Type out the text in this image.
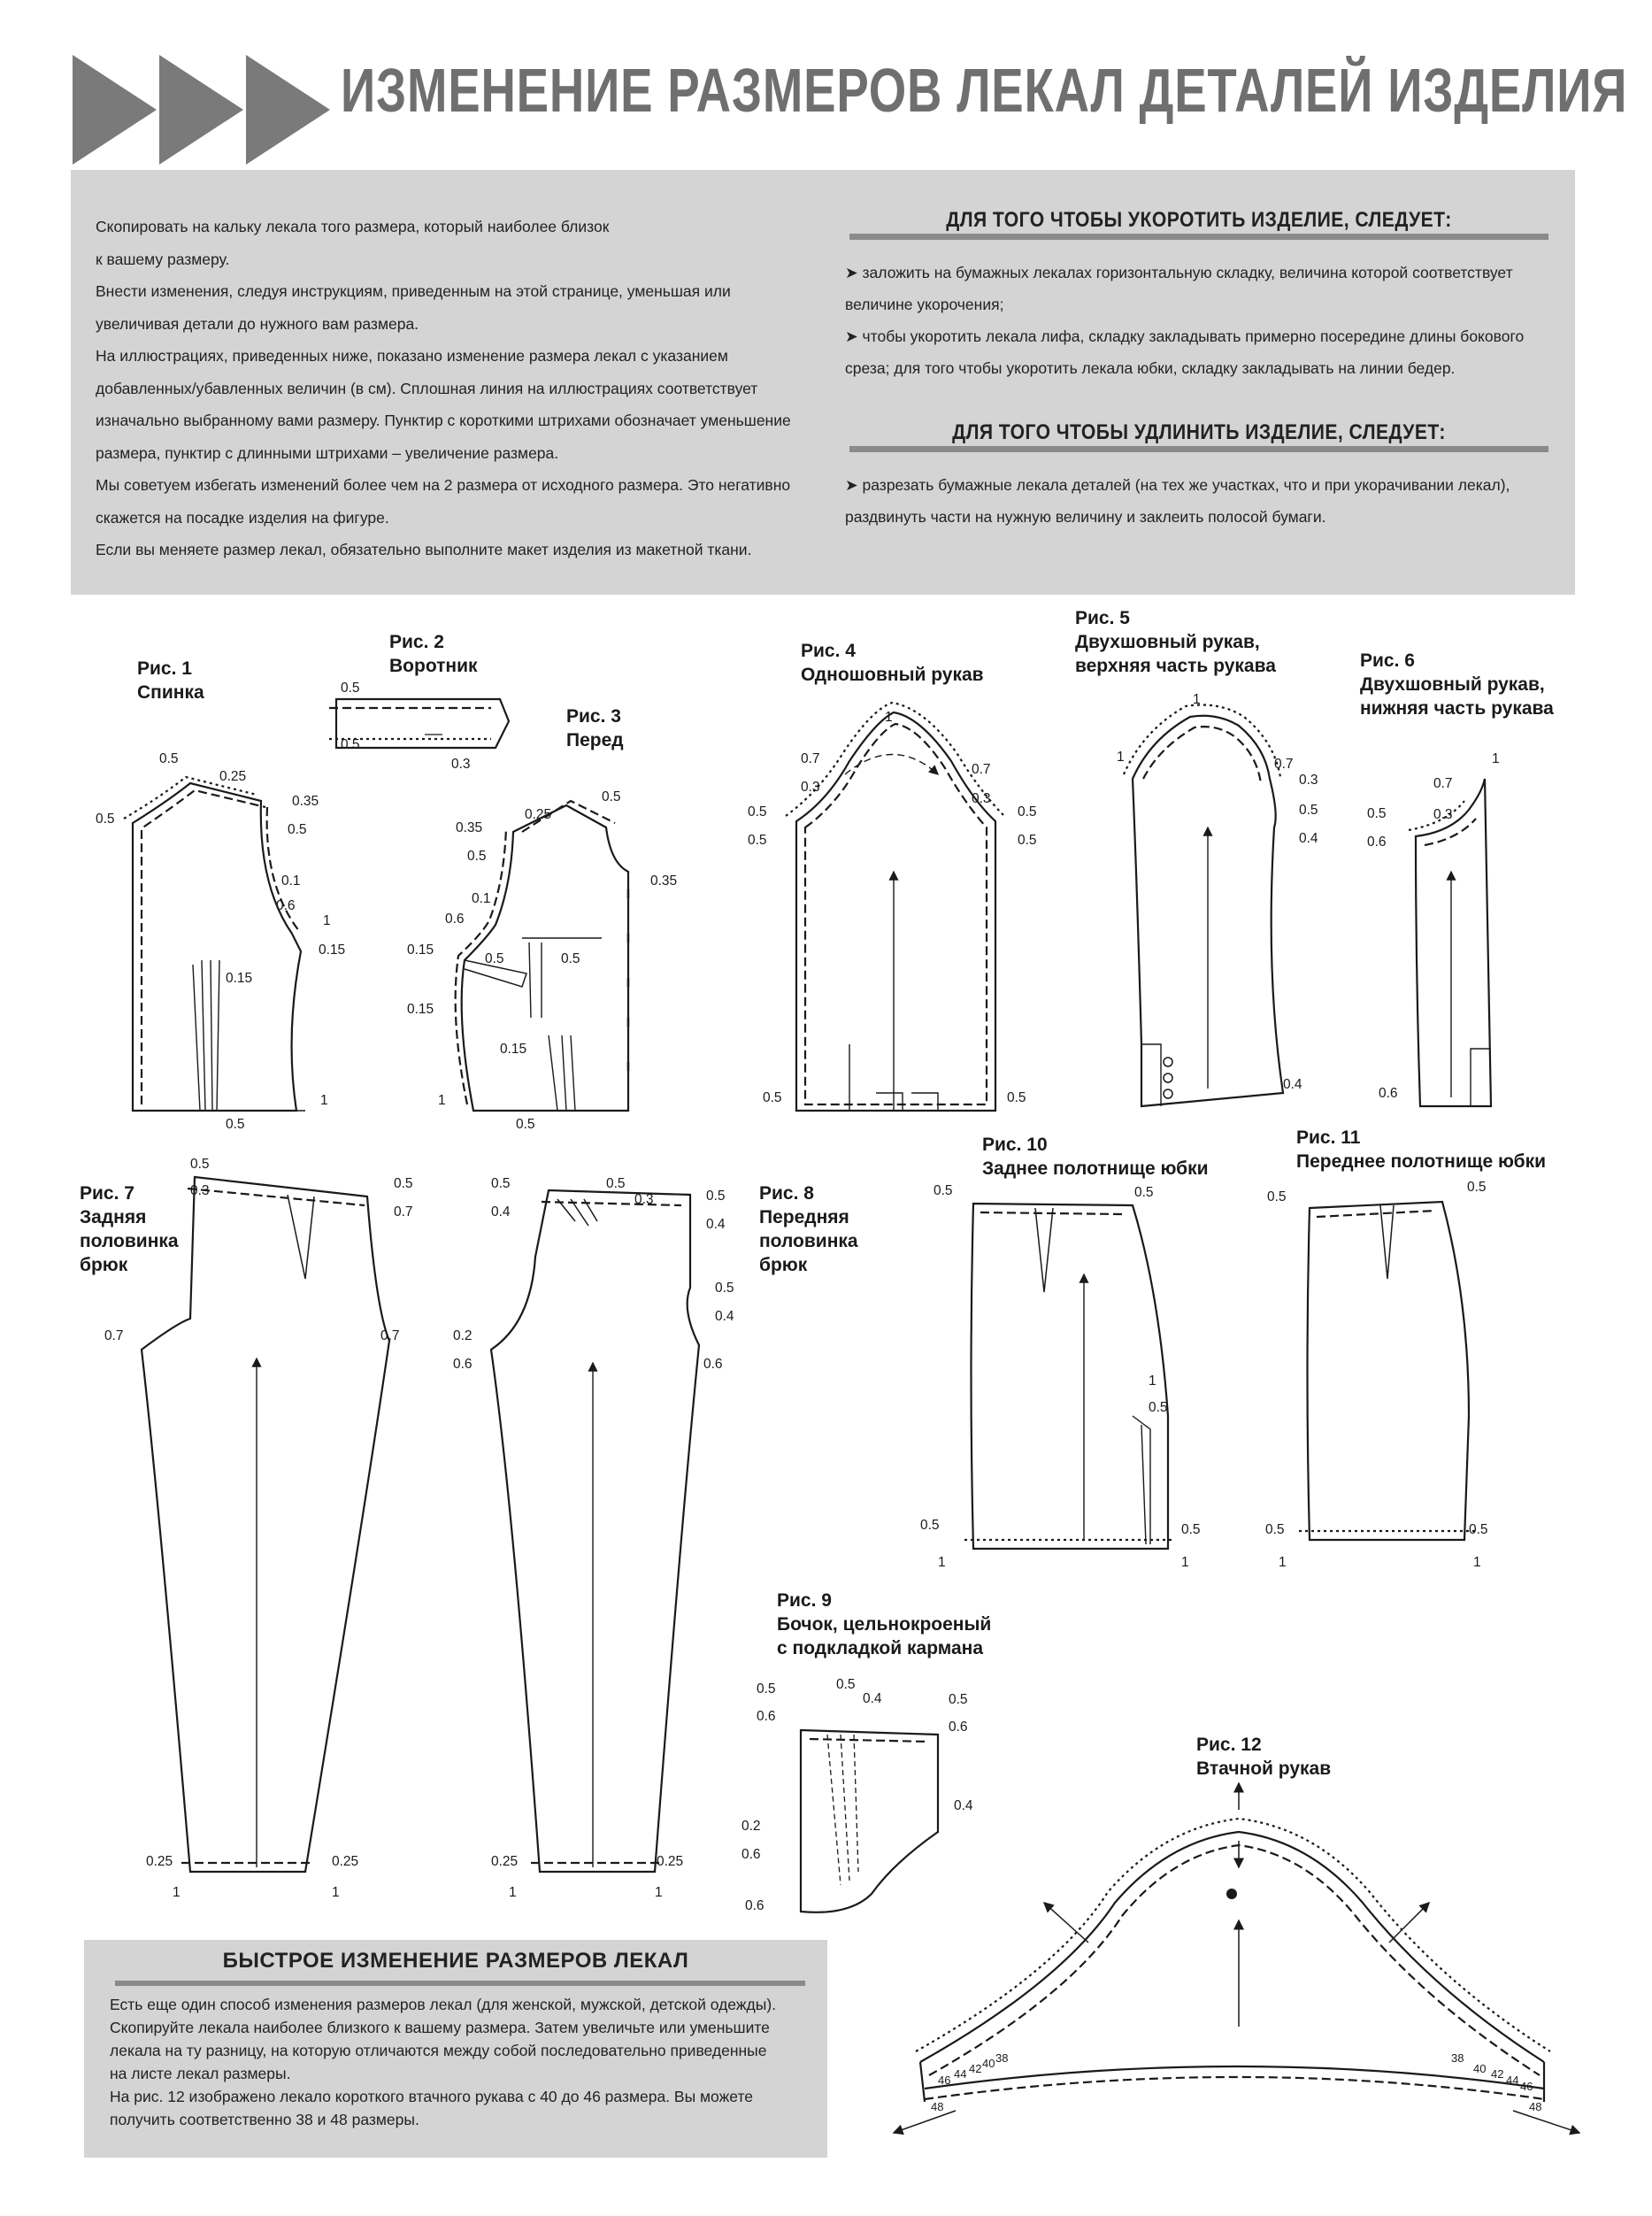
ИЗМЕНЕНИЕ РАЗМЕРОВ ЛЕКАЛ ДЕТАЛЕЙ ИЗДЕЛИЯ

Скопировать на кальку лекала того размера, который наиболее близок

к вашему размеру.

Внести изменения, следуя инструкциям, приведенным на этой странице, уменьшая или

увеличивая детали до нужного вам размера.

На иллюстрациях, приведенных ниже, показано изменение размера лекал с указанием

добавленных/убавленных величин (в см). Сплошная линия на иллюстрациях соответствует

изначально выбранному вами размеру. Пунктир с короткими штрихами обозначает уменьшение

размера, пунктир с длинными штрихами – увеличение размера.

Мы советуем избегать изменений более чем на 2 размера от исходного размера. Это негативно

скажется на посадке изделия на фигуре.

Если вы меняете размер лекал, обязательно выполните макет изделия из макетной ткани.

ДЛЯ ТОГО ЧТОБЫ УКОРОТИТЬ ИЗДЕЛИЕ, СЛЕДУЕТ:

➤ заложить на бумажных лекалах горизонтальную складку, величина которой соответствует

величине укорочения;

➤ чтобы укоротить лекала лифа, складку закладывать примерно посередине длины бокового

среза; для того чтобы укоротить лекала юбки, складку закладывать на линии бедер.

ДЛЯ ТОГО ЧТОБЫ УДЛИНИТЬ ИЗДЕЛИЕ, СЛЕДУЕТ:

➤ разрезать бумажные лекала деталей (на тех же участках, что и при укорачивании лекал),

раздвинуть части на нужную величину и заклеить полосой бумаги.

Рис. 1
Спинка
Рис. 2
Воротник
Рис. 3
Перед
Рис. 4
Одношовный рукав
Рис. 5
Двухшовный рукав,
верхняя часть рукава	Рис. 6
Двухшовный рукав,
нижняя часть рукава
Рис. 7
Задняя
половинка
брюк
Рис. 8
Передняя
половинка
брюк
Рис. 9
Бочок, цельнокроеный
с подкладкой кармана
Рис. 10
Заднее полотнище юбки
Рис. 11
Переднее полотнище юбки
Рис. 12
Втачной рукав
0.5
0.25
0.5
0.35
0.5
0.1
0.6
1
0.15
0.15
0.5
1
0.5
0.5
0.3
0.5
0.25
0.35
0.5
0.35
0.1
0.6
0.15
0.5	0.5
0.15
0.15
1
0.5
1
0.7
0.3
0.7
0.3
0.5
0.5
0.5
0.5
0.5	0.5
1
1	0.7
0.3
0.5
0.4
0.4
1
0.7
0.3
0.5
0.6
0.6
0.5
0.3	0.5
0.7
0.7	0.7
0.25
1
0.25
1
0.5
0.4
0.5
0.3	0.5
0.4
0.5
0.4
0.2
0.6	0.6
0.25
1
0.25
1
0.5	0.5
1
0.5
0.5
1
0.5
1
0.5
0.5
0.5
1
0.5
1
0.5
0.6
0.5
0.4	0.5
0.6
0.4
0.2
0.6
0.6
48
46 44 42 40 38	38
40 42 44 46
48
БЫСТРОЕ ИЗМЕНЕНИЕ РАЗМЕРОВ ЛЕКАЛ

Есть еще один способ изменения размеров лекал (для женской, мужской, детской одежды).

Скопируйте лекала наиболее близкого к вашему размера. Затем увеличьте или уменьшите

лекала на ту разницу, на которую отличаются между собой последовательно приведенные

на листе лекал размеры.

На рис. 12 изображено лекало короткого втачного рукава с 40 до 46 размера. Вы можете

получить соответственно 38 и 48 размеры.
